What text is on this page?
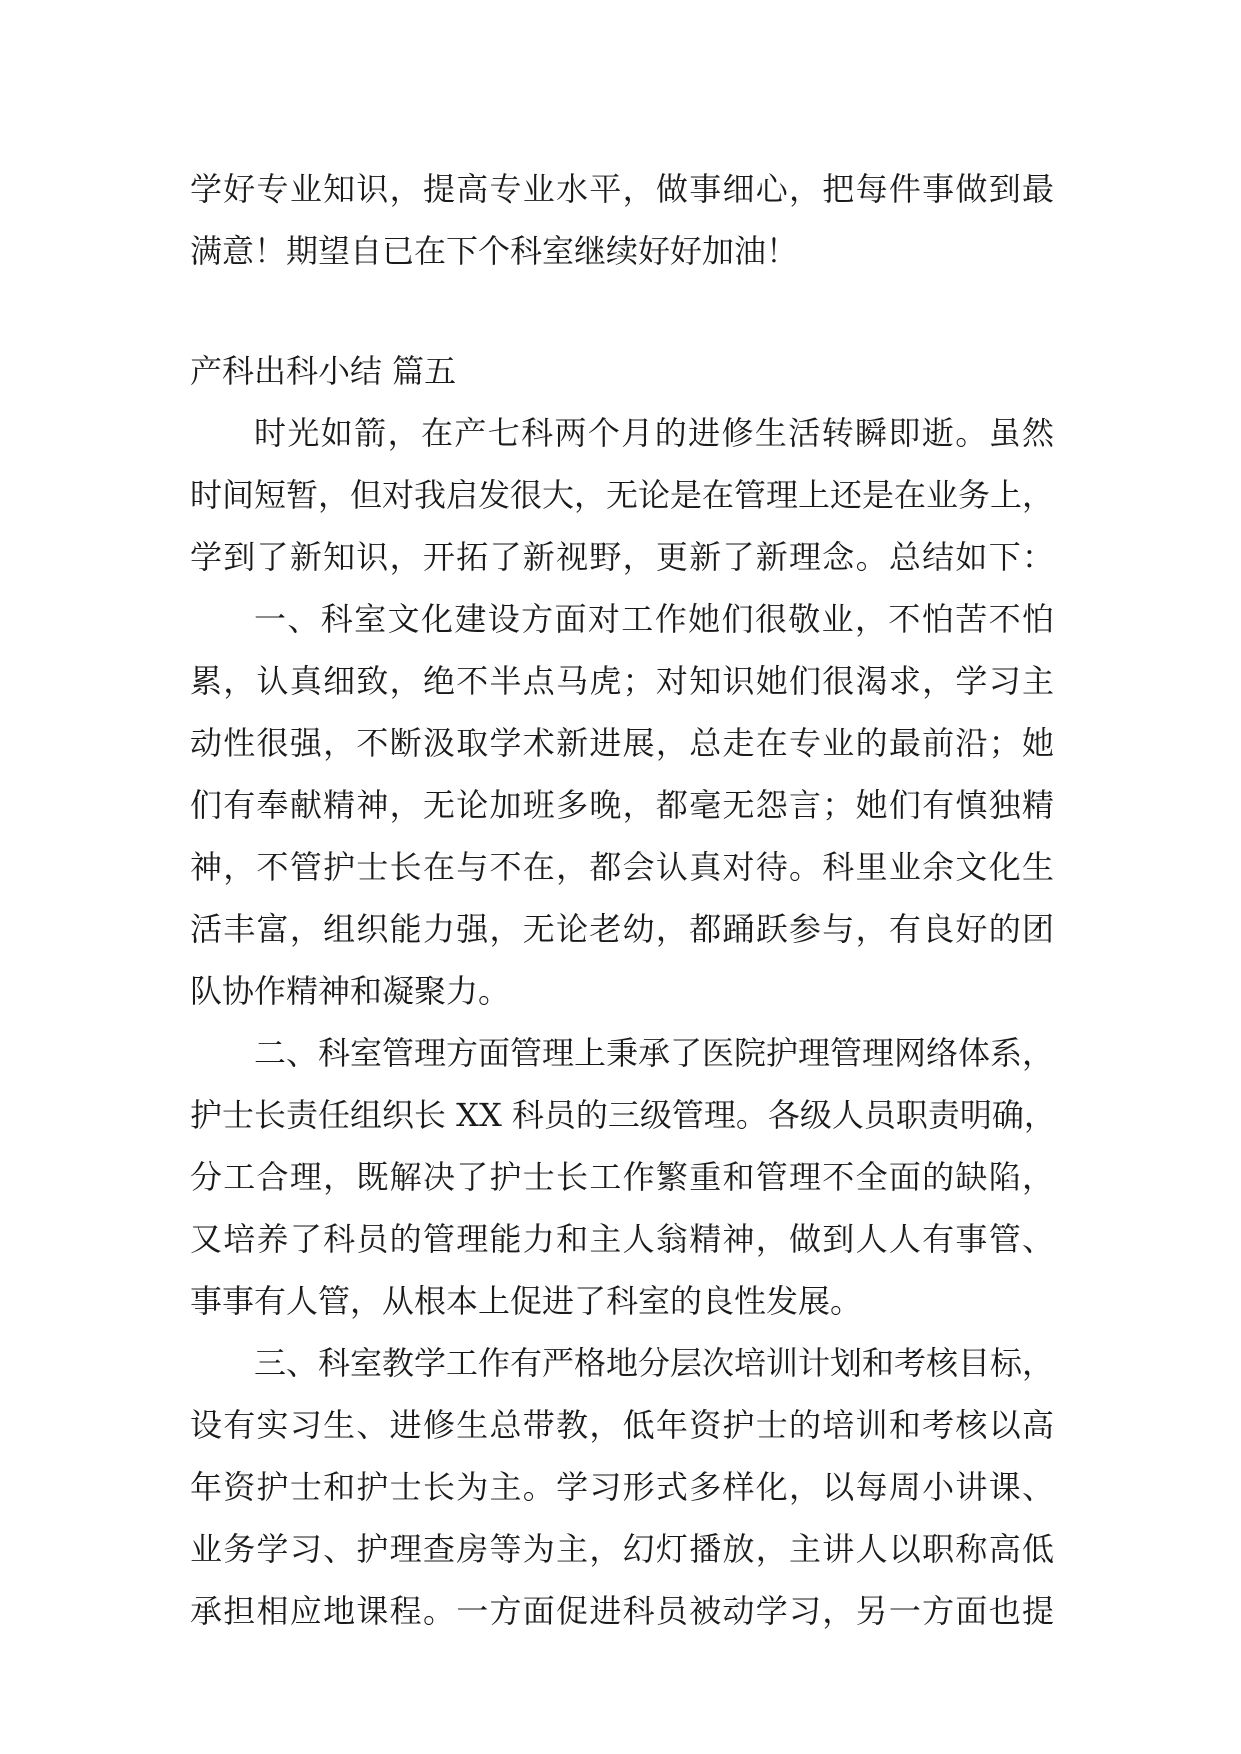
学好专业知识，提高专业水平，做事细心，把每件事做到最
满意！期望自已在下个科室继续好好加油！
产科出科小结 篇五
时光如箭，在产七科两个月的进修生活转瞬即逝。虽然
时间短暂，但对我启发很大，无论是在管理上还是在业务上，
学到了新知识，开拓了新视野，更新了新理念。总结如下：
一、科室文化建设方面对工作她们很敬业，不怕苦不怕
累，认真细致，绝不半点马虎；对知识她们很渴求，学习主
动性很强，不断汲取学术新进展，总走在专业的最前沿；她
们有奉献精神，无论加班多晚，都毫无怨言；她们有慎独精
神，不管护士长在与不在，都会认真对待。科里业余文化生
活丰富，组织能力强，无论老幼，都踊跃参与，有良好的团
队协作精神和凝聚力。
二、科室管理方面管理上秉承了医院护理管理网络体系，
护士长责任组织长 XX 科员的三级管理。各级人员职责明确，
分工合理，既解决了护士长工作繁重和管理不全面的缺陷，
又培养了科员的管理能力和主人翁精神，做到人人有事管、
事事有人管，从根本上促进了科室的良性发展。
三、科室教学工作有严格地分层次培训计划和考核目标，
设有实习生、进修生总带教，低年资护士的培训和考核以高
年资护士和护士长为主。学习形式多样化，以每周小讲课、
业务学习、护理查房等为主，幻灯播放，主讲人以职称高低
承担相应地课程。一方面促进科员被动学习，另一方面也提
